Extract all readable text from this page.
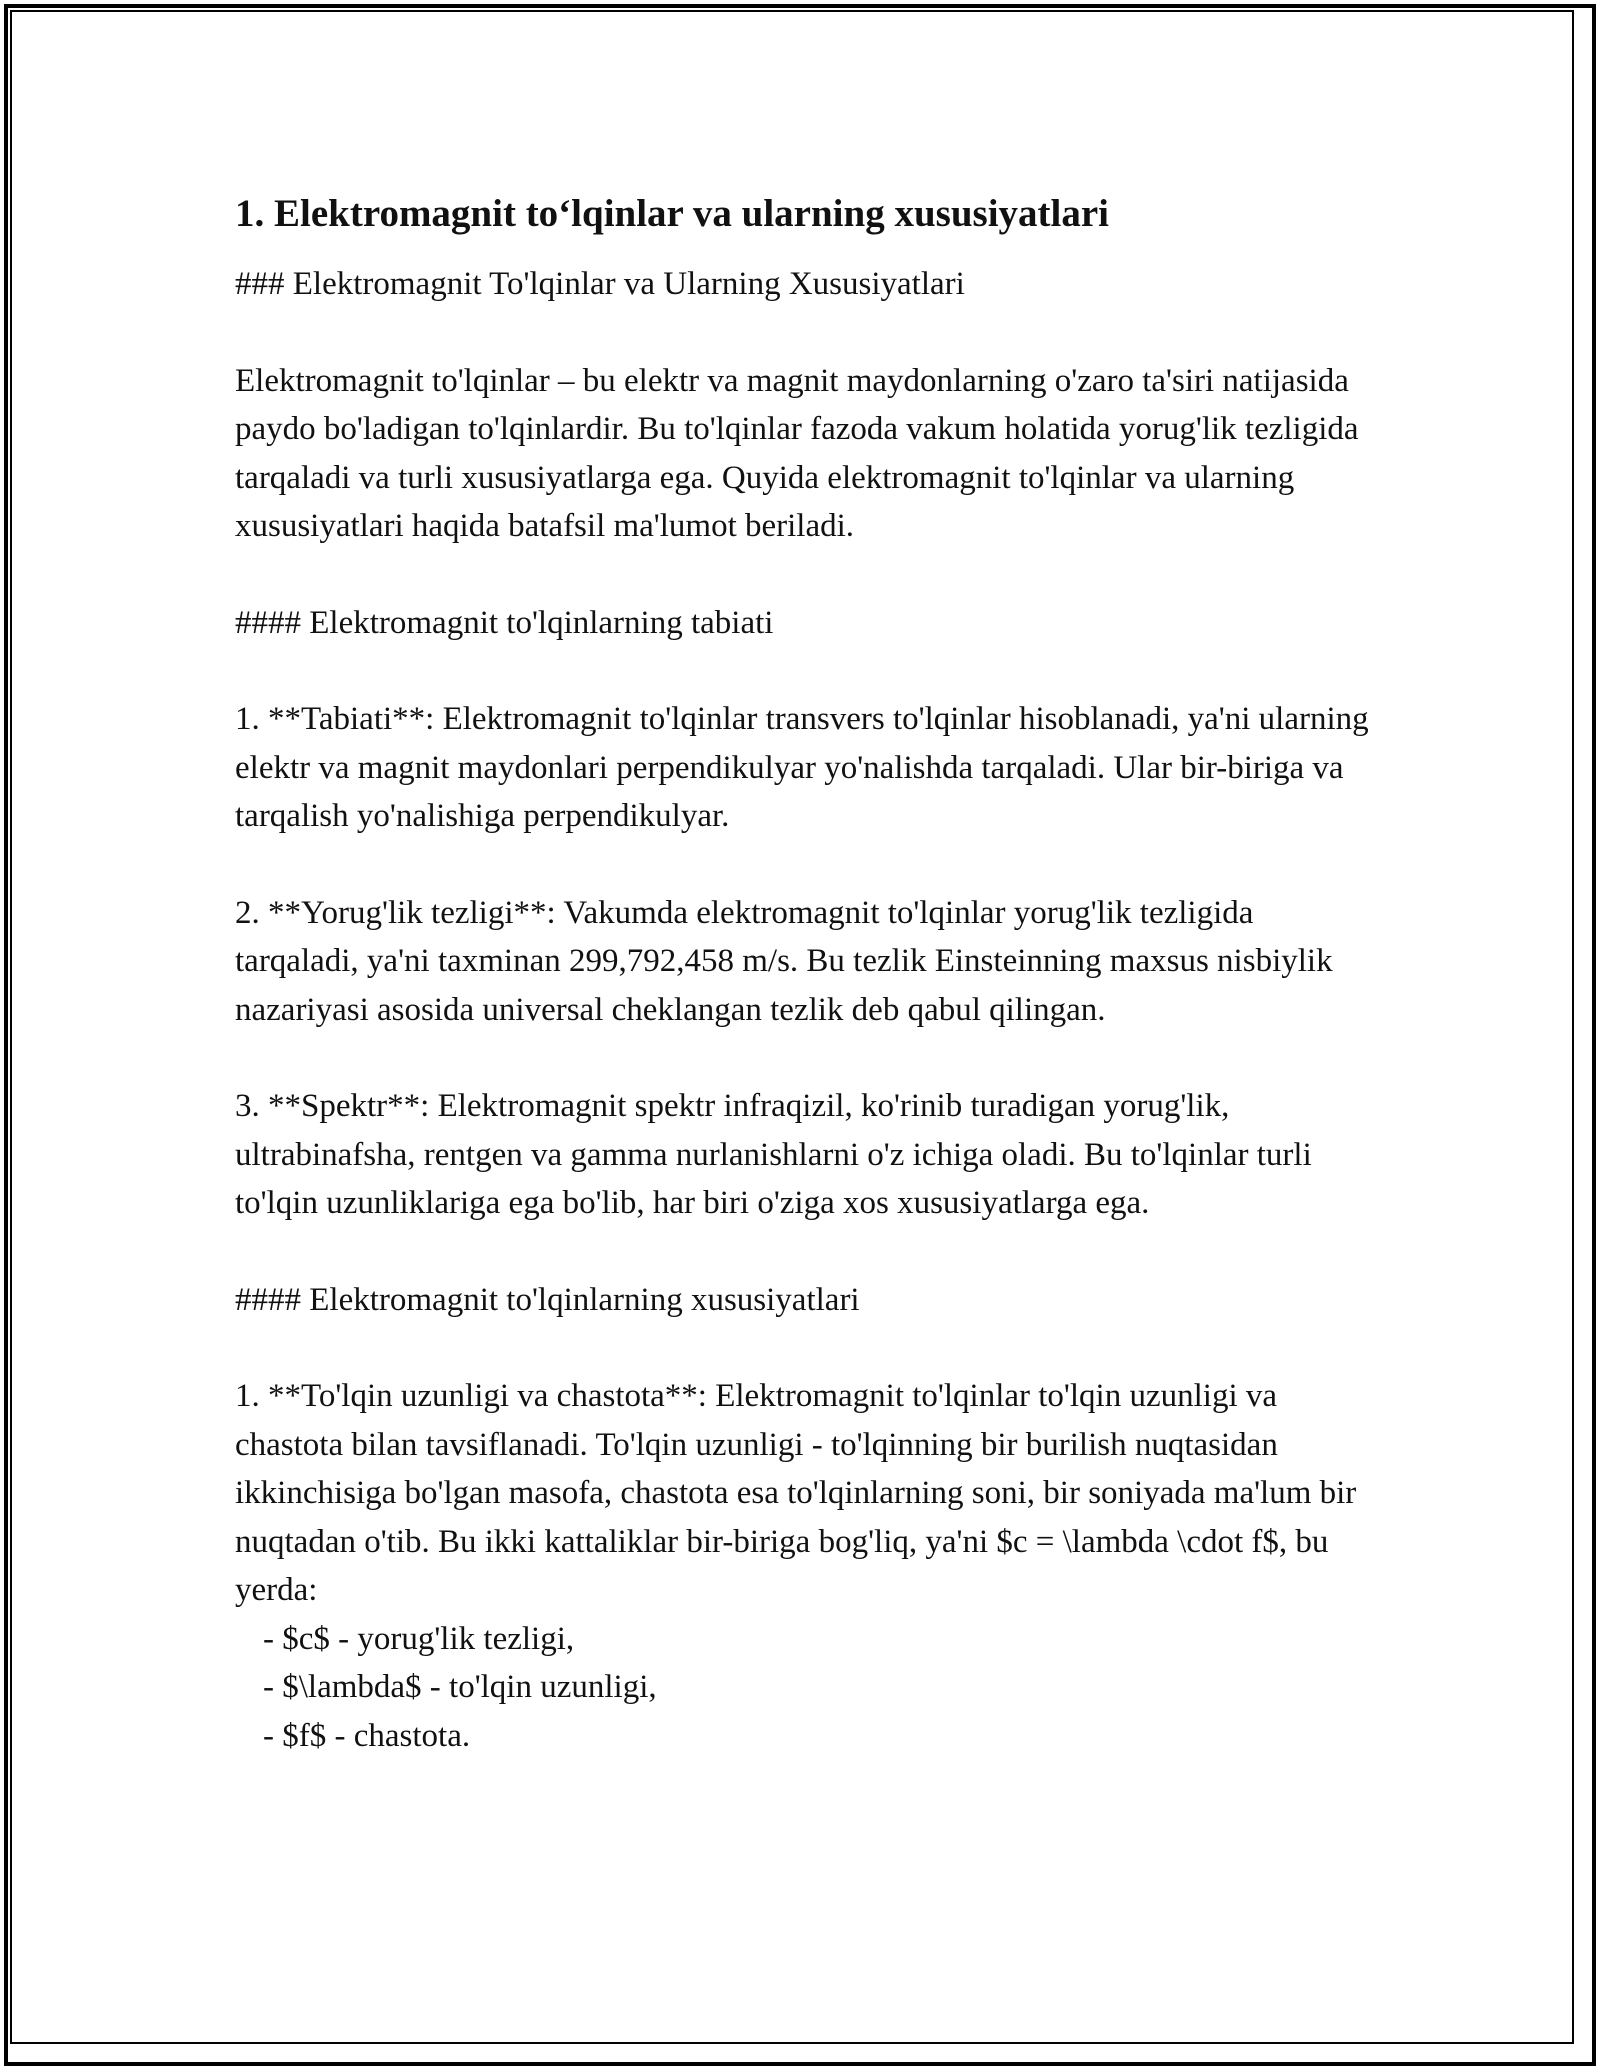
1. Elektromagnit to‘lqinlar va ularning xususiyatlari
### Elektromagnit To'lqinlar va Ularning Xususiyatlari
Elektromagnit to'lqinlar – bu elektr va magnit maydonlarning o'zaro ta'siri natijasida paydo bo'ladigan to'lqinlardir. Bu to'lqinlar fazoda vakum holatida yorug'lik tezligida tarqaladi va turli xususiyatlarga ega. Quyida elektromagnit to'lqinlar va ularning xususiyatlari haqida batafsil ma'lumot beriladi.
#### Elektromagnit to'lqinlarning tabiati
1. **Tabiati**: Elektromagnit to'lqinlar transvers to'lqinlar hisoblanadi, ya'ni ularning elektr va magnit maydonlari perpendikulyar yo'nalishda tarqaladi. Ular bir-biriga va tarqalish yo'nalishiga perpendikulyar.
2. **Yorug'lik tezligi**: Vakumda elektromagnit to'lqinlar yorug'lik tezligida tarqaladi, ya'ni taxminan 299,792,458 m/s. Bu tezlik Einsteinning maxsus nisbiylik nazariyasi asosida universal cheklangan tezlik deb qabul qilingan.
3. **Spektr**: Elektromagnit spektr infraqizil, ko'rinib turadigan yorug'lik, ultrabinafsha, rentgen va gamma nurlanishlarni o'z ichiga oladi. Bu to'lqinlar turli to'lqin uzunliklariga ega bo'lib, har biri o'ziga xos xususiyatlarga ega.
#### Elektromagnit to'lqinlarning xususiyatlari
1. **To'lqin uzunligi va chastota**: Elektromagnit to'lqinlar to'lqin uzunligi va chastota bilan tavsiflanadi. To'lqin uzunligi - to'lqinning bir burilish nuqtasidan ikkinchisiga bo'lgan masofa, chastota esa to'lqinlarning soni, bir soniyada ma'lum bir nuqtadan o'tib. Bu ikki kattaliklar bir-biriga bog'liq, ya'ni $c = \lambda \cdot f$, bu yerda:
- $c$ - yorug'lik tezligi,
- $\lambda$ - to'lqin uzunligi,
- $f$ - chastota.
